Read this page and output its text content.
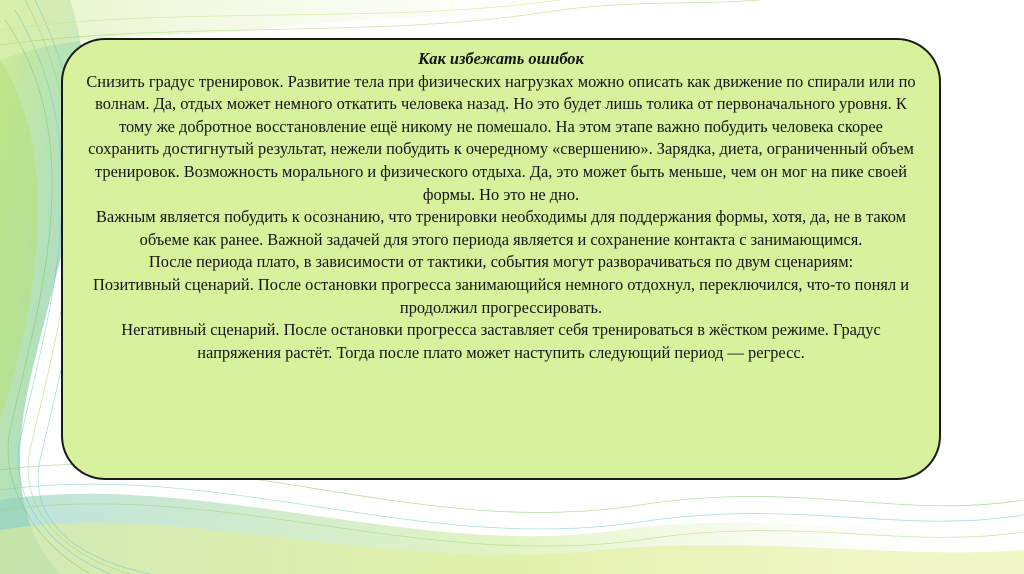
Как избежать ошибок
Снизить градус тренировок. Развитие тела при физических нагрузках можно описать как движение по спирали или по волнам. Да, отдых может немного откатить человека назад. Но это будет лишь толика от первоначального уровня. К тому же добротное восстановление ещё никому не помешало. На этом этапе важно побудить человека скорее сохранить достигнутый результат, нежели побудить к очередному «свершению». Зарядка, диета, ограниченный объем тренировок. Возможность морального и физического отдыха. Да, это может быть меньше, чем он мог на пике своей формы. Но это не дно.
Важным является побудить к осознанию, что тренировки необходимы для поддержания формы, хотя, да, не в таком объеме как ранее. Важной задачей для этого периода является и сохранение контакта с занимающимся.
После периода плато, в зависимости от тактики, события могут разворачиваться по двум сценариям:
Позитивный сценарий. После остановки прогресса занимающийся немного отдохнул, переключился, что-то понял и продолжил прогрессировать.
Негативный сценарий. После остановки прогресса заставляет себя тренироваться в жёстком режиме. Градус напряжения растёт. Тогда после плато может наступить следующий период — регресс.
